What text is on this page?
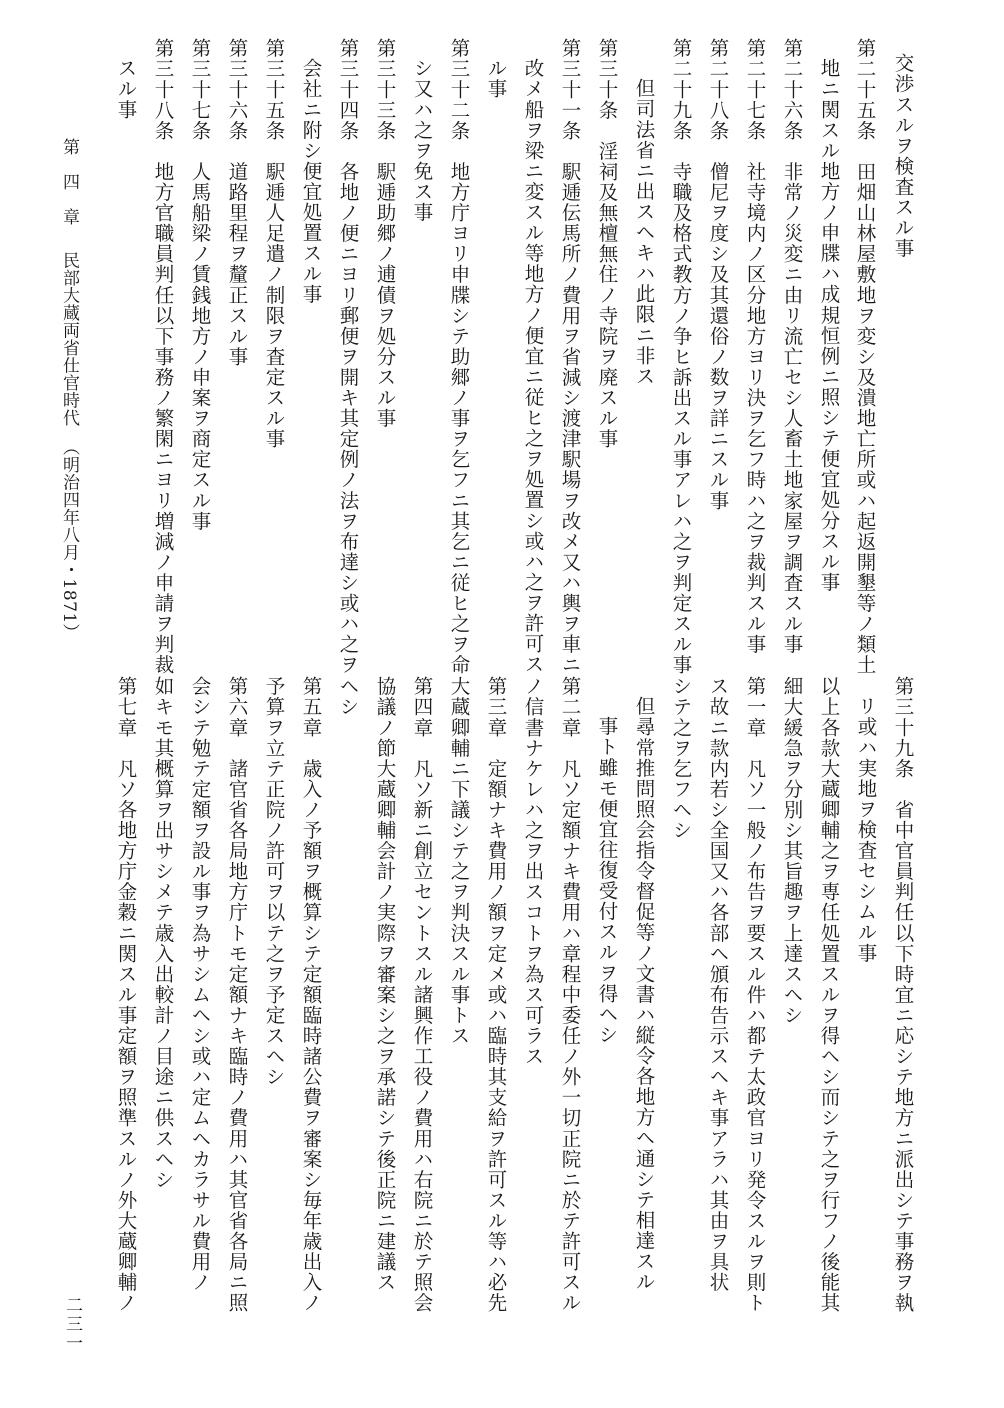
交渉スルヲ検査スル事
第二十五条　田畑山林屋敷地ヲ変シ及潰地亡所或ハ起返開墾等ノ類土
地ニ関スル地方ノ申牒ハ成規恒例ニ照シテ便宜処分スル事
第二十六条　非常ノ災変ニ由リ流亡セシ人畜土地家屋ヲ調査スル事
第二十七条　社寺境内ノ区分地方ヨリ決ヲ乞フ時ハ之ヲ裁判スル事
第二十八条　僧尼ヲ度シ及其還俗ノ数ヲ詳ニスル事
第二十九条　寺職及格式教方ノ争ヒ訴出スル事アレハ之ヲ判定スル事
但司法省ニ出スヘキハ此限ニ非ス
第三十条　淫祠及無檀無住ノ寺院ヲ廃スル事
第三十一条　駅逓伝馬所ノ費用ヲ省減シ渡津駅場ヲ改メ又ハ輿ヲ車ニ
改メ船ヲ梁ニ変スル等地方ノ便宜ニ従ヒ之ヲ処置シ或ハ之ヲ許可ス
ル事
第三十二条　地方庁ヨリ申牒シテ助郷ノ事ヲ乞フニ其乞ニ従ヒ之ヲ命
シ又ハ之ヲ免ス事
第三十三条　駅逓助郷ノ逋債ヲ処分スル事
第三十四条　各地ノ便ニヨリ郵便ヲ開キ其定例ノ法ヲ布達シ或ハ之ヲ
会社ニ附シ便宜処置スル事
第三十五条　駅逓人足遣ノ制限ヲ査定スル事
第三十六条　道路里程ヲ釐正スル事
第三十七条　人馬船梁ノ賃銭地方ノ申案ヲ商定スル事
第三十八条　地方官職員判任以下事務ノ繁閑ニヨリ増減ノ申請ヲ判裁
スル事
第　四　章民部大蔵両省仕官時代（明治四年八月・1871）
第三十九条　省中官員判任以下時宜ニ応シテ地方ニ派出シテ事務ヲ執
リ或ハ実地ヲ検査セシムル事
以上各款大蔵卿輔之ヲ専任処置スルヲ得ヘシ而シテ之ヲ行フノ後能其
細大緩急ヲ分別シ其旨趣ヲ上達スヘシ
第一章　凡ソ一般ノ布告ヲ要スル件ハ都テ太政官ヨリ発令スルヲ則ト
ス故ニ款内若シ全国又ハ各部ヘ頒布告示スヘキ事アラハ其由ヲ具状
シテ之ヲ乞フヘシ
但尋常推問照会指令督促等ノ文書ハ縦令各地方ヘ通シテ相達スル
事ト雖モ便宜往復受付スルヲ得ヘシ
第二章　凡ソ定額ナキ費用ハ章程中委任ノ外一切正院ニ於テ許可スル
ノ信書ナケレハ之ヲ出スコトヲ為ス可ラス
第三章　定額ナキ費用ノ額ヲ定メ或ハ臨時其支給ヲ許可スル等ハ必先
大蔵卿輔ニ下議シテ之ヲ判決スル事トス
第四章　凡ソ新ニ創立セントスル諸興作工役ノ費用ハ右院ニ於テ照会
協議ノ節大蔵卿輔会計ノ実際ヲ審案シ之ヲ承諾シテ後正院ニ建議ス
ヘシ
第五章　歳入ノ予額ヲ概算シテ定額臨時諸公費ヲ審案シ毎年歳出入ノ
予算ヲ立テ正院ノ許可ヲ以テ之ヲ予定スヘシ
第六章　諸官省各局地方庁トモ定額ナキ臨時ノ費用ハ其官省各局ニ照
会シテ勉テ定額ヲ設ル事ヲ為サシムヘシ或ハ定ムヘカラサル費用ノ
如キモ其概算ヲ出サシメテ歳入出較計ノ目途ニ供スヘシ
第七章　凡ソ各地方庁金穀ニ関スル事定額ヲ照準スルノ外大蔵卿輔ノ
二三一
